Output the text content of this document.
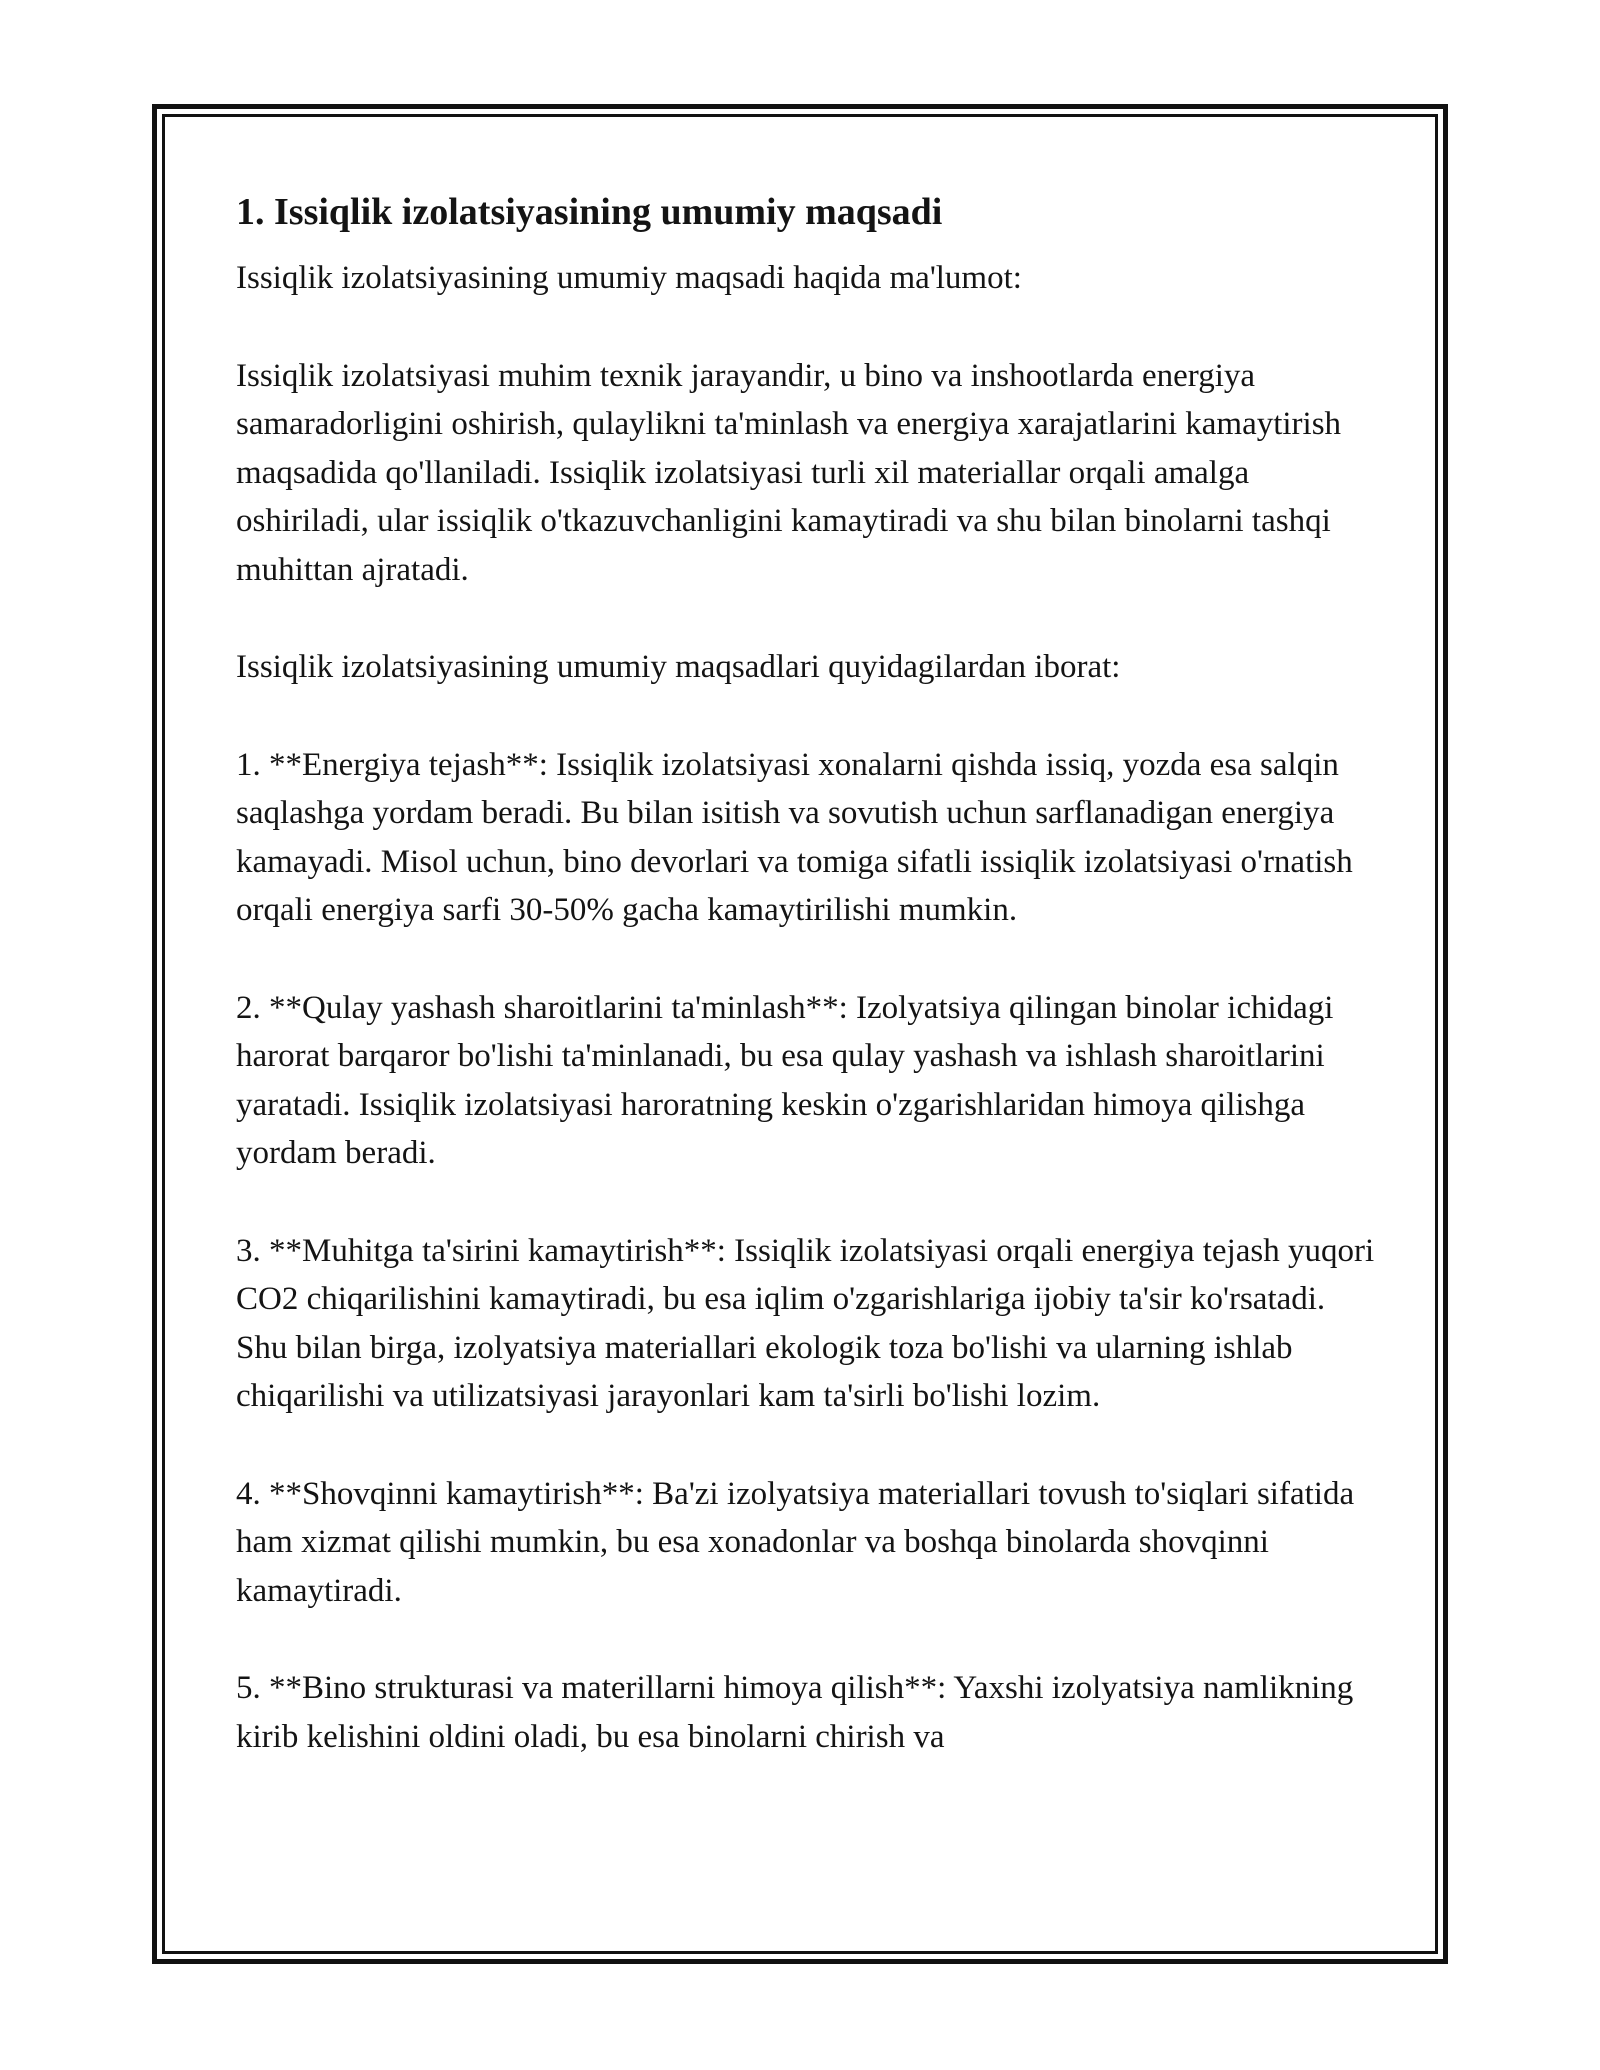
1. Issiqlik izolatsiyasining umumiy maqsadi

Issiqlik izolatsiyasining umumiy maqsadi haqida ma'lumot:

Issiqlik izolatsiyasi muhim texnik jarayandir, u bino va inshootlarda energiya samaradorligini oshirish, qulaylikni ta'minlash va energiya xarajatlarini kamaytirish maqsadida qo'llaniladi. Issiqlik izolatsiyasi turli xil materiallar orqali amalga oshiriladi, ular issiqlik o'tkazuvchanligini kamaytiradi va shu bilan binolarni tashqi muhittan ajratadi.

Issiqlik izolatsiyasining umumiy maqsadlari quyidagilardan iborat:

1. **Energiya tejash**: Issiqlik izolatsiyasi xonalarni qishda issiq, yozda esa salqin saqlashga yordam beradi. Bu bilan isitish va sovutish uchun sarflanadigan energiya kamayadi. Misol uchun, bino devorlari va tomiga sifatli issiqlik izolatsiyasi o'rnatish orqali energiya sarfi 30-50% gacha kamaytirilishi mumkin.

2. **Qulay yashash sharoitlarini ta'minlash**: Izolyatsiya qilingan binolar ichidagi harorat barqaror bo'lishi ta'minlanadi, bu esa qulay yashash va ishlash sharoitlarini yaratadi. Issiqlik izolatsiyasi haroratning keskin o'zgarishlaridan himoya qilishga yordam beradi.

3. **Muhitga ta'sirini kamaytirish**: Issiqlik izolatsiyasi orqali energiya tejash yuqori CO2 chiqarilishini kamaytiradi, bu esa iqlim o'zgarishlariga ijobiy ta'sir ko'rsatadi. Shu bilan birga, izolyatsiya materiallari ekologik toza bo'lishi va ularning ishlab chiqarilishi va utilizatsiyasi jarayonlari kam ta'sirli bo'lishi lozim.

4. **Shovqinni kamaytirish**: Ba'zi izolyatsiya materiallari tovush to'siqlari sifatida ham xizmat qilishi mumkin, bu esa xonadonlar va boshqa binolarda shovqinni kamaytiradi.

5. **Bino strukturasi va materillarni himoya qilish**: Yaxshi izolyatsiya namlikning kirib kelishini oldini oladi, bu esa binolarni chirish va
